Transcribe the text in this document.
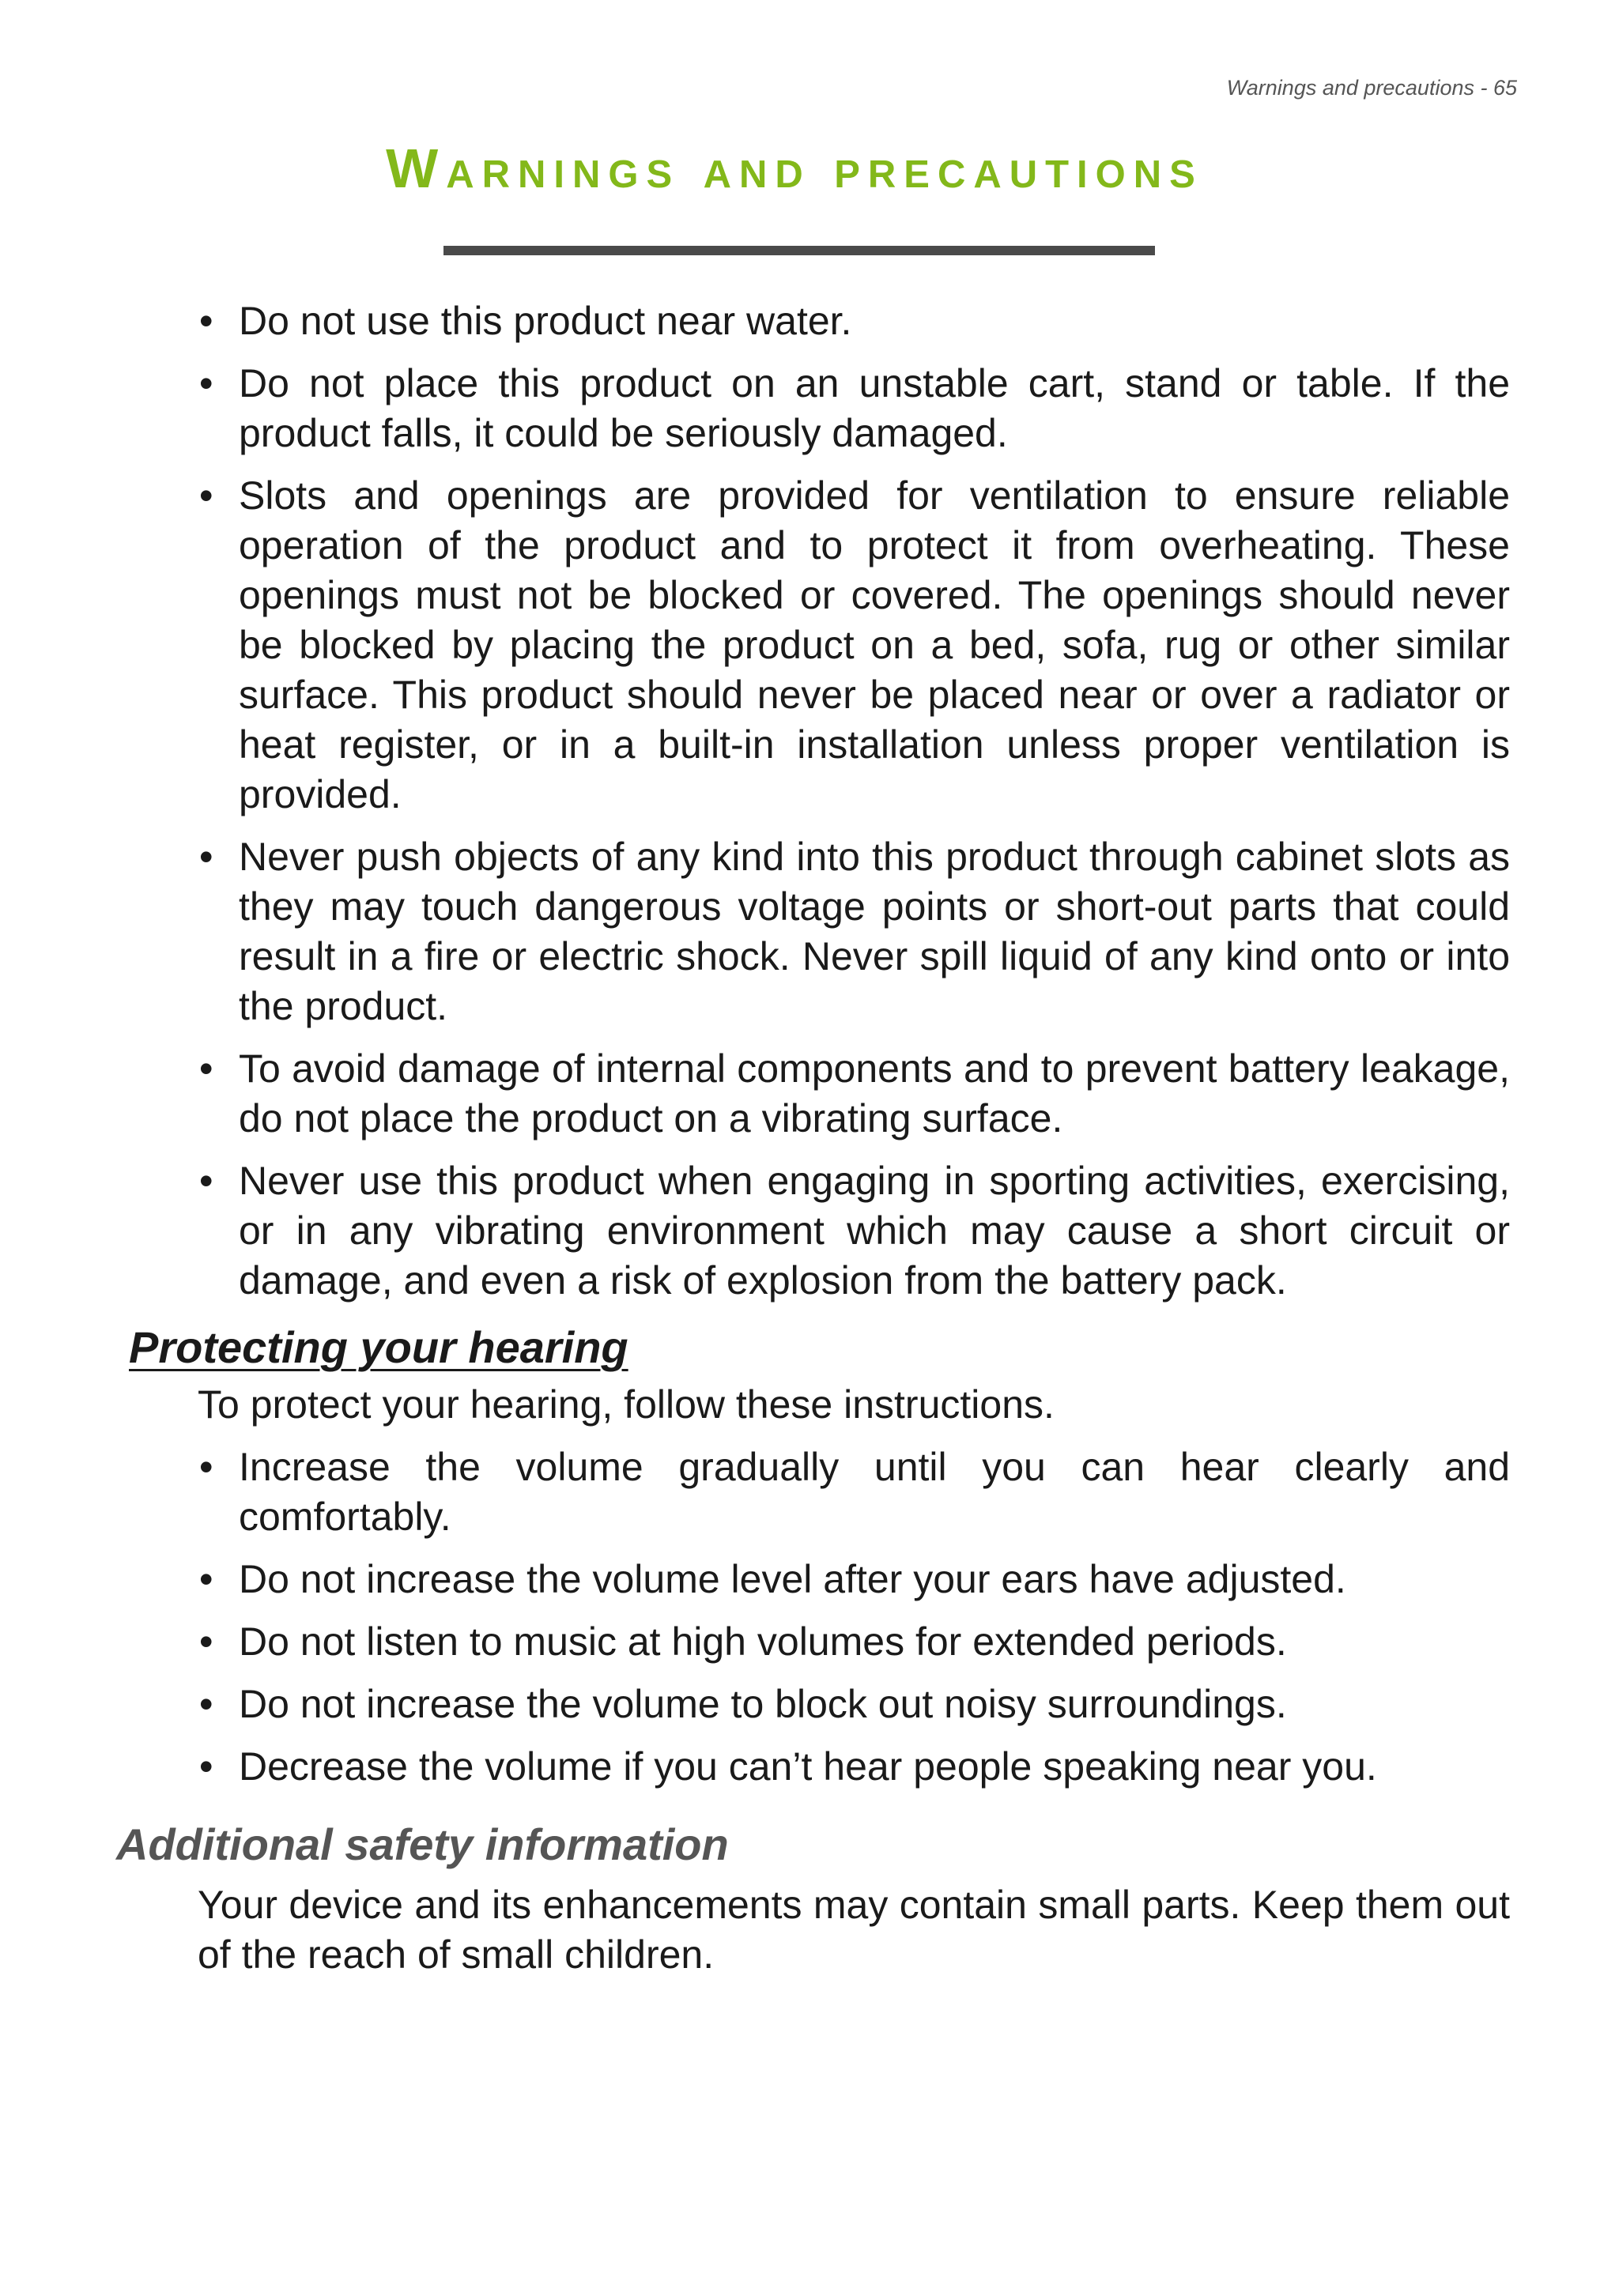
Warnings and precautions - 65
Warnings and precautions
• Do not use this product near water.
• Do not place this product on an unstable cart, stand or table. If the product falls, it could be seriously damaged.
• Slots and openings are provided for ventilation to ensure reliable operation of the product and to protect it from overheating. These openings must not be blocked or covered. The openings should never be blocked by placing the product on a bed, sofa, rug or other similar surface. This product should never be placed near or over a radiator or heat register, or in a built-in installation unless proper ventilation is provided.
• Never push objects of any kind into this product through cabinet slots as they may touch dangerous voltage points or short-out parts that could result in a fire or electric shock. Never spill liquid of any kind onto or into the product.
• To avoid damage of internal components and to prevent battery leakage, do not place the product on a vibrating surface.
• Never use this product when engaging in sporting activities, exercising, or in any vibrating environment which may cause a short circuit or damage, and even a risk of explosion from the battery pack.
Protecting your hearing

To protect your hearing, follow these instructions.

• Increase the volume gradually until you can hear clearly and comfortably.
• Do not increase the volume level after your ears have adjusted.
• Do not listen to music at high volumes for extended periods.
• Do not increase the volume to block out noisy surroundings.
• Decrease the volume if you can’t hear people speaking near you.
Additional safety information

Your device and its enhancements may contain small parts. Keep them out of the reach of small children.
